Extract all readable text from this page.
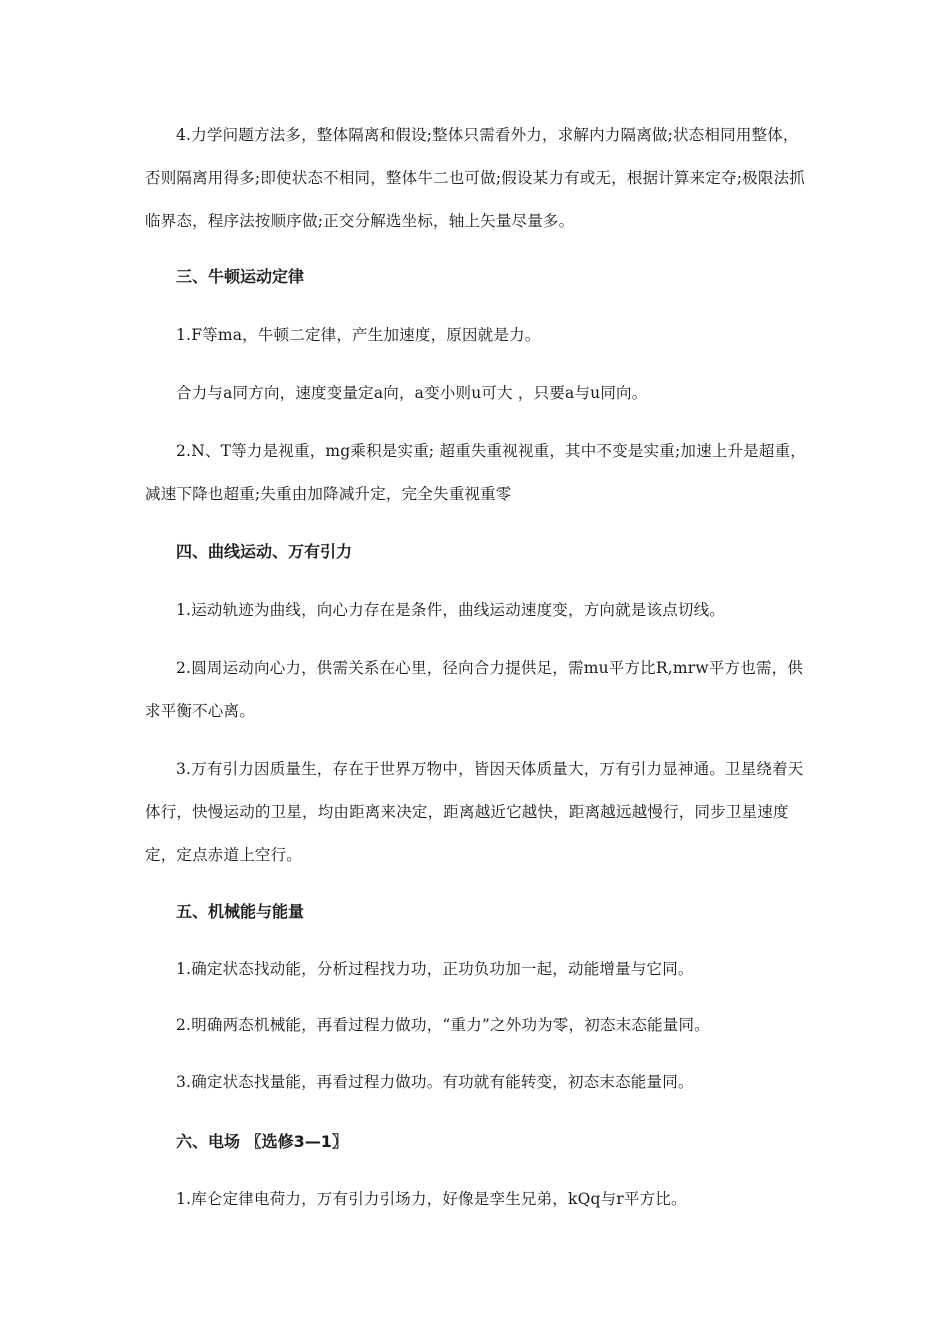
4.力学问题方法多，整体隔离和假设;整体只需看外力，求解内力隔离做;状态相同用整体，否则隔离用得多;即使状态不相同，整体牛二也可做;假设某力有或无，根据计算来定夺;极限法抓临界态，程序法按顺序做;正交分解选坐标，轴上矢量尽量多。

三、牛顿运动定律

1.F等ma，牛顿二定律，产生加速度，原因就是力。

合力与a同方向，速度变量定a向，a变小则u可大 ，只要a与u同向。

2.N、T等力是视重，mg乘积是实重; 超重失重视视重，其中不变是实重;加速上升是超重，减速下降也超重;失重由加降减升定，完全失重视重零

四、曲线运动、万有引力

1.运动轨迹为曲线，向心力存在是条件，曲线运动速度变，方向就是该点切线。

2.圆周运动向心力，供需关系在心里，径向合力提供足，需mu平方比R,mrw平方也需，供求平衡不心离。

3.万有引力因质量生，存在于世界万物中，皆因天体质量大，万有引力显神通。卫星绕着天体行，快慢运动的卫星，均由距离来决定，距离越近它越快，距离越远越慢行，同步卫星速度定，定点赤道上空行。

五、机械能与能量

1.确定状态找动能，分析过程找力功，正功负功加一起，动能增量与它同。

2.明确两态机械能，再看过程力做功，“重力”之外功为零，初态末态能量同。

3.确定状态找量能，再看过程力做功。有功就有能转变，初态末态能量同。

六、电场 〖选修3—1〗

1.库仑定律电荷力，万有引力引场力，好像是孪生兄弟，kQq与r平方比。
